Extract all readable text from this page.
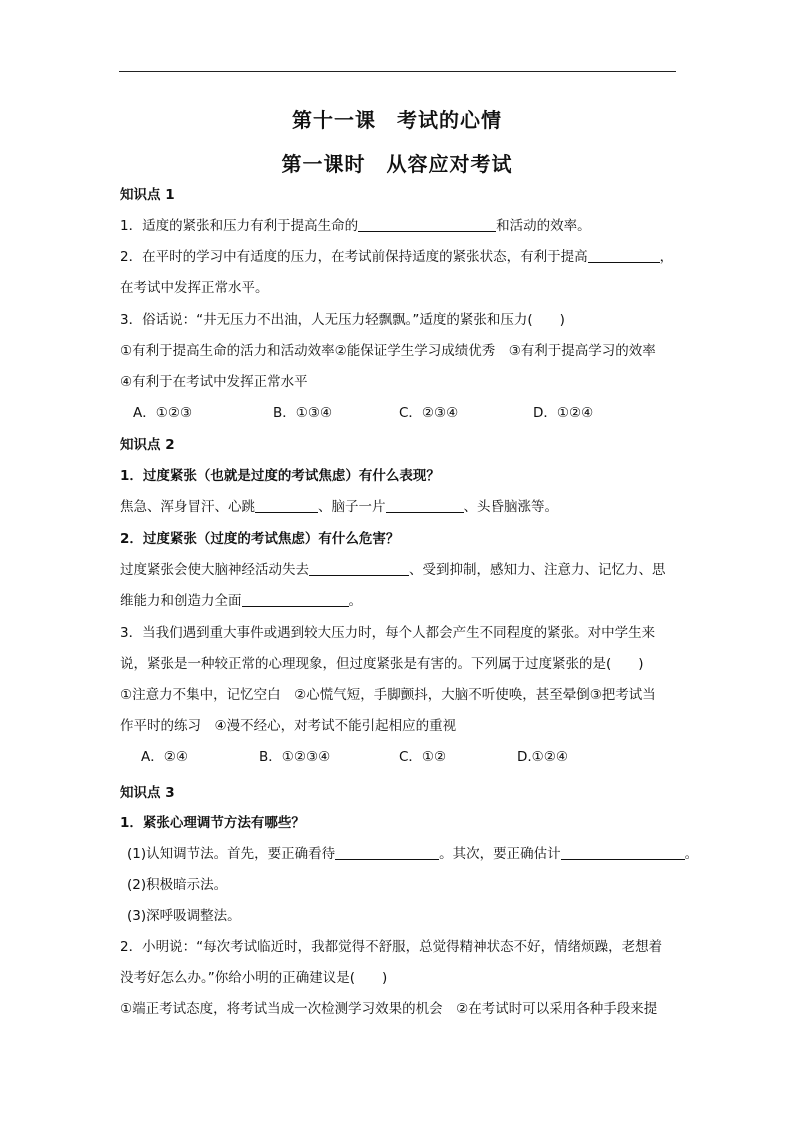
第十一课　考试的心情
第一课时　从容应对考试
知识点 1
1．适度的紧张和压力有利于提高生命的	和活动的效率。
2．在平时的学习中有适度的压力，在考试前保持适度的紧张状态，有利于提高	，
在考试中发挥正常水平。
3．俗话说：“井无压力不出油，人无压力轻飘飘。”适度的紧张和压力(　　)
①有利于提高生命的活力和活动效率②能保证学生学习成绩优秀　③有利于提高学习的效率
④有利于在考试中发挥正常水平
A．①②③	B．①③④	C．②③④	D．①②④
知识点 2
1．过度紧张（也就是过度的考试焦虑）有什么表现？
焦急、浑身冒汗、心跳	、脑子一片	、头昏脑涨等。
2．过度紧张（过度的考试焦虑）有什么危害？
过度紧张会使大脑神经活动失去	、受到抑制，感知力、注意力、记忆力、思
维能力和创造力全面	。
3．当我们遇到重大事件或遇到较大压力时，每个人都会产生不同程度的紧张。对中学生来
说，紧张是一种较正常的心理现象，但过度紧张是有害的。下列属于过度紧张的是(　　)
①注意力不集中，记忆空白　②心慌气短，手脚颤抖，大脑不听使唤，甚至晕倒③把考试当
作平时的练习　④漫不经心，对考试不能引起相应的重视
A．②④	B．①②③④	C．①②	D.①②④
知识点 3
1．紧张心理调节方法有哪些？
(1)认知调节法。首先，要正确看待	。其次，要正确估计	。
(2)积极暗示法。
(3)深呼吸调整法。
2．小明说：“每次考试临近时，我都觉得不舒服，总觉得精神状态不好，情绪烦躁，老想着
没考好怎么办。”你给小明的正确建议是(　　)
①端正考试态度，将考试当成一次检测学习效果的机会　②在考试时可以采用各种手段来提
